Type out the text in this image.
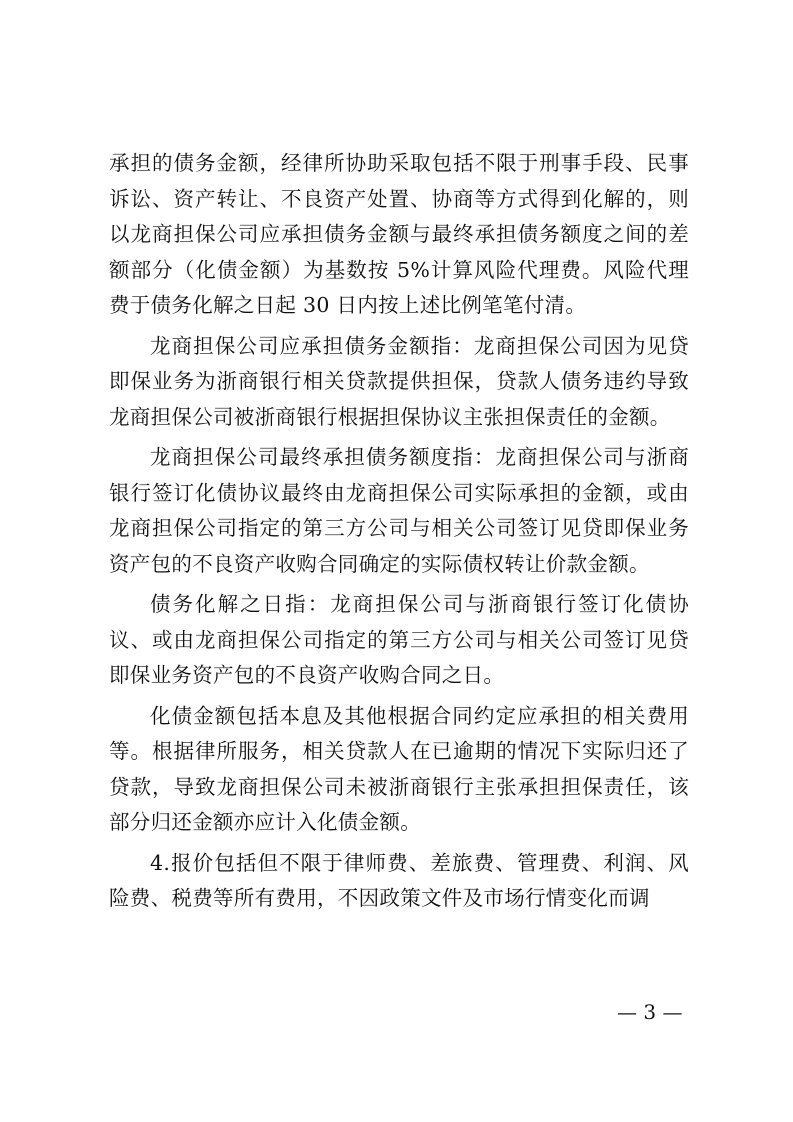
承担的债务金额，经律所协助采取包括不限于刑事手段、民事诉讼、资产转让、不良资产处置、协商等方式得到化解的，则以龙商担保公司应承担债务金额与最终承担债务额度之间的差额部分（化债金额）为基数按 5%计算风险代理费。风险代理费于债务化解之日起 30 日内按上述比例笔笔付清。

龙商担保公司应承担债务金额指：龙商担保公司因为见贷即保业务为浙商银行相关贷款提供担保，贷款人债务违约导致龙商担保公司被浙商银行根据担保协议主张担保责任的金额。

龙商担保公司最终承担债务额度指：龙商担保公司与浙商银行签订化债协议最终由龙商担保公司实际承担的金额，或由龙商担保公司指定的第三方公司与相关公司签订见贷即保业务资产包的不良资产收购合同确定的实际债权转让价款金额。

债务化解之日指：龙商担保公司与浙商银行签订化债协议、或由龙商担保公司指定的第三方公司与相关公司签订见贷即保业务资产包的不良资产收购合同之日。

化债金额包括本息及其他根据合同约定应承担的相关费用等。根据律所服务，相关贷款人在已逾期的情况下实际归还了贷款，导致龙商担保公司未被浙商银行主张承担担保责任，该部分归还金额亦应计入化债金额。

4.报价包括但不限于律师费、差旅费、管理费、利润、风险费、税费等所有费用，不因政策文件及市场行情变化而调

— 3 —
